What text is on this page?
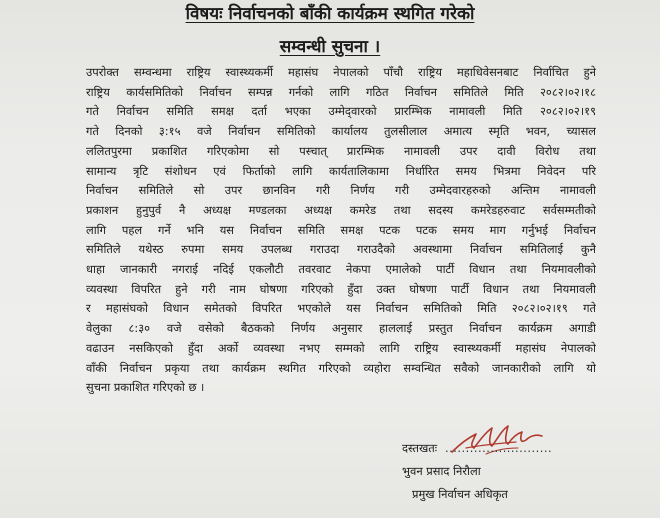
विषयः निर्वाचनको बाँकी कार्यक्रम स्थगित गरेको
सम्वन्धी सुचना ।
उपरोक्त सम्वन्धमा राष्ट्रिय स्वास्थ्यकर्मी महासंघ नेपालको पाँचौ राष्ट्रिय महाधिवेसनबाट निर्वाचित हुने
राष्ट्रिय कार्यसमितिको निर्वाचन सम्पन्न गर्नको लागि गठित निर्वाचन समितिले मिति २०८२।०२।१८
गते निर्वाचन समिति समक्ष दर्ता भएका उम्मेद्‌वारको प्रारम्भिक नामावली मिति २०८२।०२।१९
गते दिनको ३:१५ वजे निर्वाचन समितिको कार्यालय तुलसीलाल अमात्य स्मृति भवन, च्यासल
ललितपुरमा प्रकाशित गरिएकोमा सो पस्चात् प्रारम्भिक नामावली उपर दावी विरोध तथा
सामान्य त्रृटि संशोधन एवं फिर्ताको लागि कार्यतालिकामा निर्धारित समय भित्रमा निवेदन परि
निर्वाचन समितिले सो उपर छानविन गरी निर्णय गरी उम्मेदवारहरुको अन्तिम नामावली
प्रकाशन हुनुपुर्व नै अध्यक्ष मण्डलका अध्यक्ष कमरेड तथा सदस्य कमरेडहरुवाट सर्वसम्मतीको
लागि पहल गर्ने भनि यस निर्वाचन समिति समक्ष पटक पटक समय माग गर्नुभई निर्वाचन
समितिले यथेस्ठ रुपमा समय उपलब्ध गराउदा गराउदैको अवस्थामा निर्वाचन समितिलाई कुनै
धाहा जानकारी नगराई नदिई एकलौटी तवरवाट नेकपा एमालेको पार्टी विधान तथा नियमावलीको
व्यवस्था विपरित हुने गरी नाम घोषणा गरिएको हुँदा उक्त घोषणा पार्टी विधान तथा नियमावली
र महासंघको विधान समेतको विपरित भएकोले यस निर्वाचन समितिको मिति २०८२।०२।१९ गते
वेलुका ८:३० वजे वसेको बैठकको निर्णय अनुसार हाललाई प्रस्तुत निर्वाचन कार्यक्रम अगाडी
वढाउन नसकिएको हुँदा अर्को व्यवस्था नभए सम्मको लागि राष्ट्रिय स्वास्थ्यकर्मी महासंघ नेपालको
वाँकी निर्वाचन प्रकृया तथा कार्यक्रम स्थगित गरिएको व्यहोरा सम्वन्धित सवैको जानकारीको लागि यो
सुचना प्रकाशित गरिएको छ ।
दस्तखतः ..........................
भुवन प्रसाद निरौला
प्रमुख निर्वाचन अधिकृत
